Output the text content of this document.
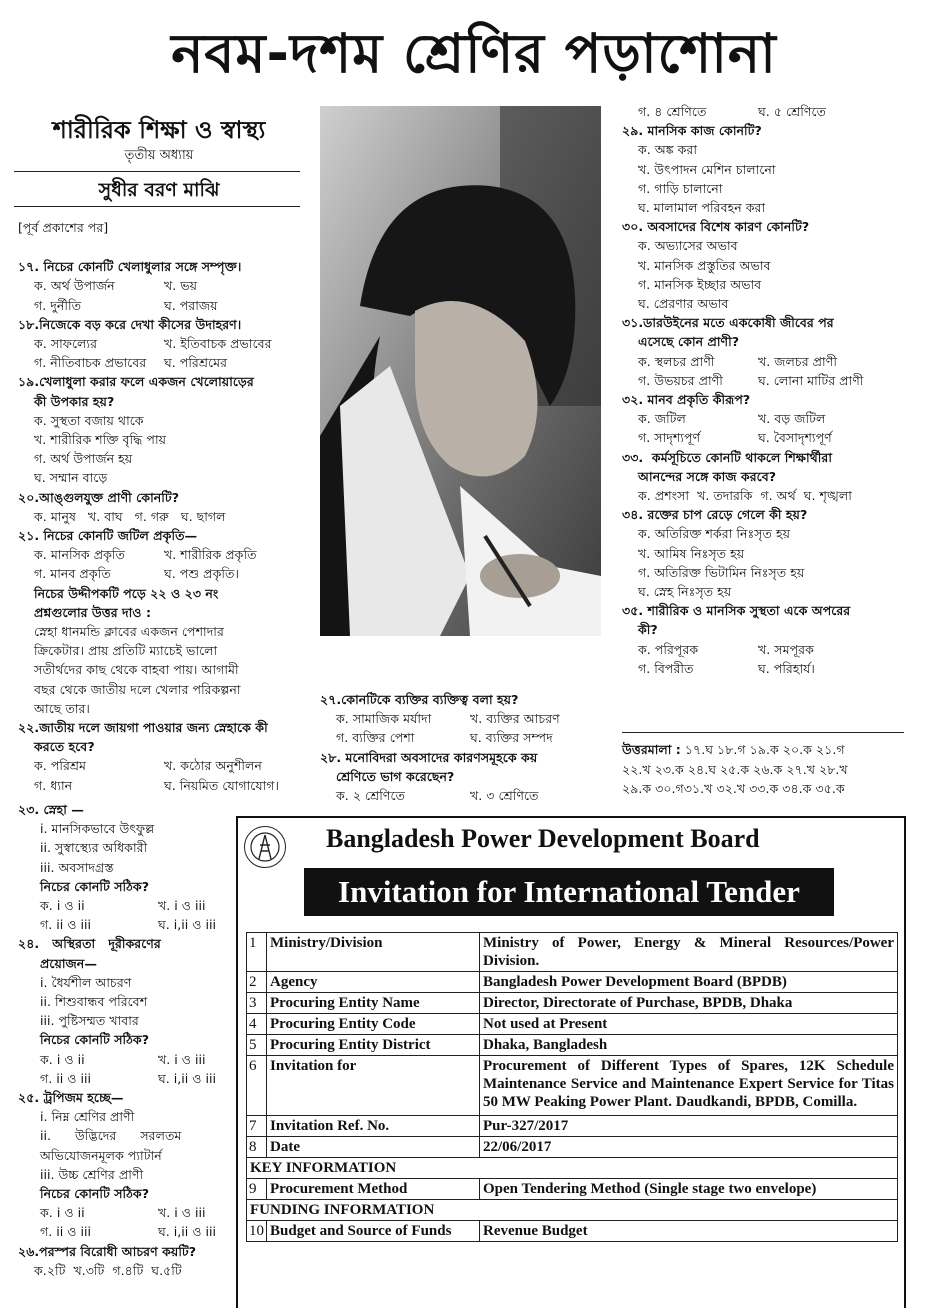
নবম-দশম শ্রেণির পড়াশোনা
শারীরিক শিক্ষা ও স্বাস্থ্য
তৃতীয় অধ্যায়
সুধীর বরণ মাঝি
[পূর্ব প্রকাশের পর]
১৭. নিচের কোনটি খেলাধুলার সঙ্গে সম্পৃক্ত।
ক. অর্থ উপার্জন	খ. ভয়
গ. দুর্নীতি	ঘ. পরাজয়
১৮.নিজেকে বড় করে দেখা কীসের উদাহরণ।
ক. সাফল্যের	খ. ইতিবাচক প্রভাবের
গ. নীতিবাচক প্রভাবের	ঘ. পরিশ্রমের
১৯.খেলাধুলা করার ফলে একজন খেলোয়াড়ের
কী উপকার হয়?
ক. সুস্থতা বজায় থাকে
খ. শারীরিক শক্তি বৃদ্ধি পায়
গ. অর্থ উপার্জন হয়
ঘ. সম্মান বাড়ে
২০.আঙ্গুলযুক্ত প্রাণী কোনটি?
ক. মানুষ   খ. বাঘ   গ. গরু   ঘ. ছাগল
২১. নিচের কোনটি জটিল প্রকৃতি—
ক. মানসিক প্রকৃতি	খ. শারীরিক প্রকৃতি
গ. মানব প্রকৃতি	ঘ. পশু প্রকৃতি।
নিচের উদ্দীপকটি পড়ে ২২ ও ২৩ নং
প্রশ্নগুলোর উত্তর দাও :
স্নেহা ধানমন্ডি ক্লাবের একজন পেশাদার
ক্রিকেটার। প্রায় প্রতিটি ম্যাচেই ভালো
সতীর্থদের কাছ থেকে বাহবা পায়। আগামী
বছর থেকে জাতীয় দলে খেলার পরিকল্পনা
আছে তার।
২২.জাতীয় দলে জায়গা পাওয়ার জন্য স্নেহাকে কী
করতে হবে?
ক. পরিশ্রম	খ. কঠোর অনুশীলন
গ. ধ্যান	ঘ. নিয়মিত যোগাযোগ।
২৩. স্নেহা —
i. মানসিকভাবে উৎফুল্ল
ii. সুস্বাস্থ্যের অধিকারী
iii. অবসাদগ্রস্ত
নিচের কোনটি সঠিক?
ক. i ও ii	খ. i ও iii
গ. ii ও iii	ঘ. i,ii ও iii
২৪.   অস্থিরতা   দূরীকরণের
প্রয়োজন—
i. ধৈর্যশীল আচরণ
ii. শিশুবান্ধব পরিবেশ
iii. পুষ্টিসম্মত খাবার
নিচের কোনটি সঠিক?
ক. i ও ii	খ. i ও iii
গ. ii ও iii	ঘ. i,ii ও iii
২৫. ট্রপিজম হচ্ছে—
i. নিম্ন শ্রেণির প্রাণী
ii.      উদ্ভিদের      সরলতম
অভিযোজনমূলক প্যাটার্ন
iii. উচ্চ শ্রেণির প্রাণী
নিচের কোনটি সঠিক?
ক. i ও ii	খ. i ও iii
গ. ii ও iii	ঘ. i,ii ও iii
২৬.পরস্পর বিরোধী আচরণ কয়টি?
ক.২টি  খ.৩টি  গ.৪টি  ঘ.৫টি
২৭.কোনটিকে ব্যক্তির ব্যক্তিত্ব বলা হয়?
ক. সামাজিক মর্যাদা	খ. ব্যক্তির আচরণ
গ. ব্যক্তির পেশা	ঘ. ব্যক্তির সম্পদ
২৮. মনোবিদরা অবসাদের কারণসমূহকে কয়
শ্রেণিতে ভাগ করেছেন?
ক. ২ শ্রেণিতে	খ. ৩ শ্রেণিতে
গ. ৪ শ্রেণিতে	ঘ. ৫ শ্রেণিতে
২৯. মানসিক কাজ কোনটি?
ক. অঙ্ক করা
খ. উৎপাদন মেশিন চালানো
গ. গাড়ি চালানো
ঘ. মালামাল পরিবহন করা
৩০. অবসাদের বিশেষ কারণ কোনটি?
ক. অভ্যাসের অভাব
খ. মানসিক প্রস্তুতির অভাব
গ. মানসিক ইচ্ছার অভাব
ঘ. প্রেরণার অভাব
৩১.ডারউইনের মতে এককোষী জীবের পর
এসেছে কোন প্রাণী?
ক. স্থলচর প্রাণী	খ. জলচর প্রাণী
গ. উভয়চর প্রাণী	ঘ. লোনা মাটির প্রাণী
৩২. মানব প্রকৃতি কীরূপ?
ক. জটিল	খ. বড় জটিল
গ. সাদৃশ্যপূর্ণ	ঘ. বৈসাদৃশ্যপূর্ণ
৩৩.  কর্মসূচিতে কোনটি থাকলে শিক্ষার্থীরা
আনন্দের সঙ্গে কাজ করবে?
ক. প্রশংসা  খ. তদারকি  গ. অর্থ  ঘ. শৃঙ্খলা
৩৪. রক্তের চাপ রেড়ে গেলে কী হয়?
ক. অতিরিক্ত শর্করা নিঃসৃত হয়
খ. আমিষ নিঃসৃত হয়
গ. অতিরিক্ত ভিটামিন নিঃসৃত হয়
ঘ. স্নেহ নিঃসৃত হয়
৩৫. শারীরিক ও মানসিক সুস্থতা একে অপরের
কী?
ক. পরিপূরক	খ. সমপূরক
গ. বিপরীত	ঘ. পরিহার্য।
উত্তরমালা : ১৭.ঘ ১৮.গ ১৯.ক ২০.ক ২১.গ
২২.খ ২৩.ক ২৪.ঘ ২৫.ক ২৬.ক ২৭.খ ২৮.খ
২৯.ক ৩০.গ৩১.খ ৩২.খ ৩৩.ক ৩৪.ক ৩৫.ক
Bangladesh Power Development Board
Invitation for International Tender
1	Ministry/Division	Ministry of Power, Energy & Mineral Resources/Power Division.
2	Agency	Bangladesh Power Development Board (BPDB)
3	Procuring Entity Name	Director, Directorate of Purchase, BPDB, Dhaka
4	Procuring Entity Code	Not used at Present
5	Procuring Entity District	Dhaka, Bangladesh
6	Invitation for	Procurement of Different Types of Spares, 12K Schedule Maintenance Service and Maintenance Expert Service for Titas 50 MW Peaking Power Plant. Daudkandi, BPDB, Comilla.
7	Invitation Ref. No.	Pur-327/2017
8	Date	22/06/2017
KEY INFORMATION		
9	Procurement Method	Open Tendering Method (Single stage two envelope)
FUNDING INFORMATION		
10	Budget and Source of Funds	Revenue Budget
